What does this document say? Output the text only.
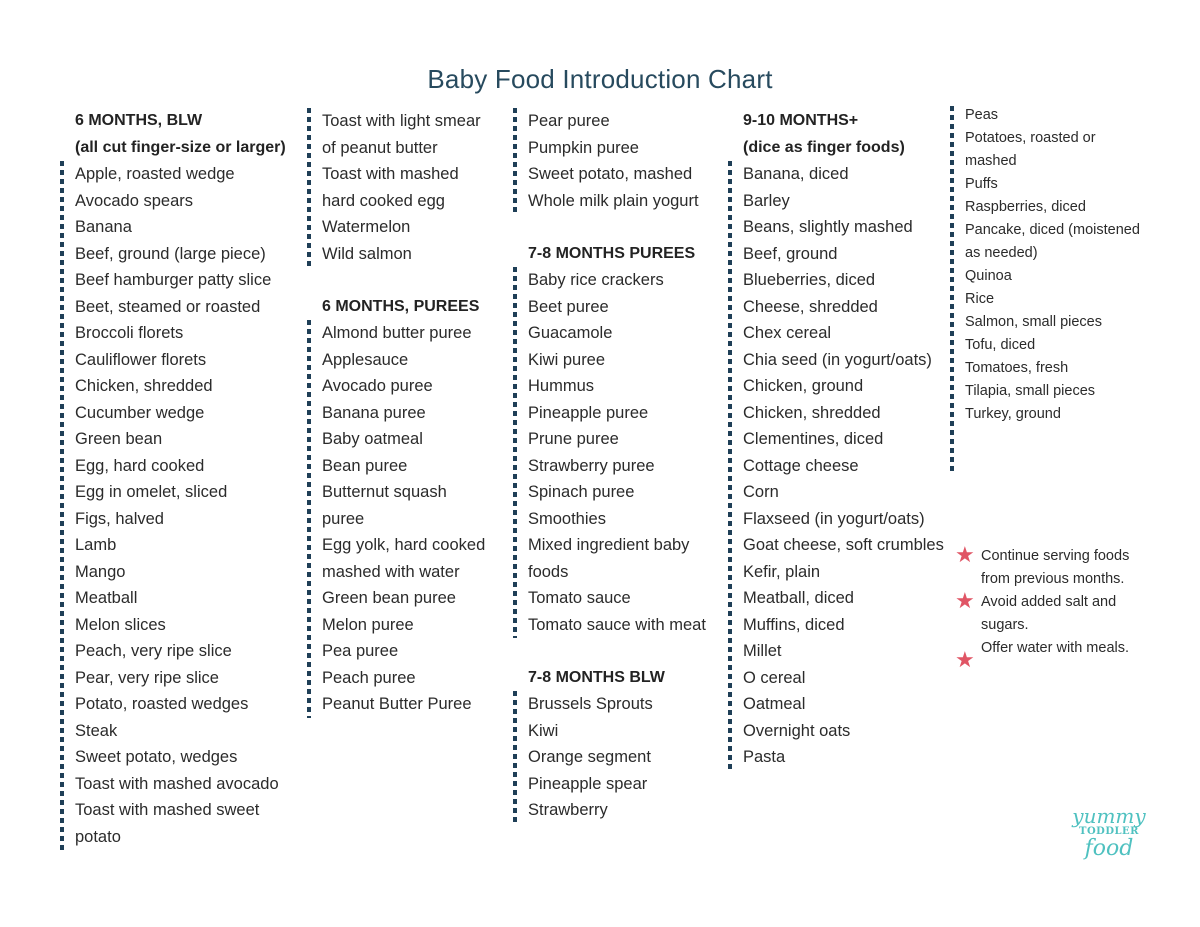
Baby Food Introduction Chart
6 MONTHS, BLW
(all cut finger-size or larger)
Apple, roasted wedge
Avocado spears
Banana
Beef, ground (large piece)
Beef hamburger patty slice
Beet, steamed or roasted
Broccoli florets
Cauliflower florets
Chicken, shredded
Cucumber wedge
Green bean
Egg, hard cooked
Egg in omelet, sliced
Figs, halved
Lamb
Mango
Meatball
Melon slices
Peach, very ripe slice
Pear, very ripe slice
Potato, roasted wedges
Steak
Sweet potato, wedges
Toast with mashed avocado
Toast with mashed sweet
potato
Toast with light smear
of peanut butter
Toast with mashed
hard cooked egg
Watermelon
Wild salmon
6 MONTHS, PUREES
Almond butter puree
Applesauce
Avocado puree
Banana puree
Baby oatmeal
Bean puree
Butternut squash
puree
Egg yolk, hard cooked
mashed with water
Green bean puree
Melon puree
Pea puree
Peach puree
Peanut Butter Puree
Pear puree
Pumpkin puree
Sweet potato, mashed
Whole milk plain yogurt
7-8 MONTHS PUREES
Baby rice crackers
Beet puree
Guacamole
Kiwi puree
Hummus
Pineapple puree
Prune puree
Strawberry puree
Spinach puree
Smoothies
Mixed ingredient baby
foods
Tomato sauce
Tomato sauce with meat
7-8 MONTHS BLW
Brussels Sprouts
Kiwi
Orange segment
Pineapple spear
Strawberry
9-10 MONTHS+
(dice as finger foods)
Banana, diced
Barley
Beans, slightly mashed
Beef, ground
Blueberries, diced
Cheese, shredded
Chex cereal
Chia seed (in yogurt/oats)
Chicken, ground
Chicken, shredded
Clementines, diced
Cottage cheese
Corn
Flaxseed (in yogurt/oats)
Goat cheese, soft crumbles
Kefir, plain
Meatball, diced
Muffins, diced
Millet
O cereal
Oatmeal
Overnight oats
Pasta
Peas
Potatoes, roasted or
mashed
Puffs
Raspberries, diced
Pancake, diced (moistened
as needed)
Quinoa
Rice
Salmon, small pieces
Tofu, diced
Tomatoes, fresh
Tilapia, small pieces
Turkey, ground
★ Continue serving foods from previous months.
★ Avoid added salt and sugars.
★ Offer water with meals.
yummy
TODDLER
food
